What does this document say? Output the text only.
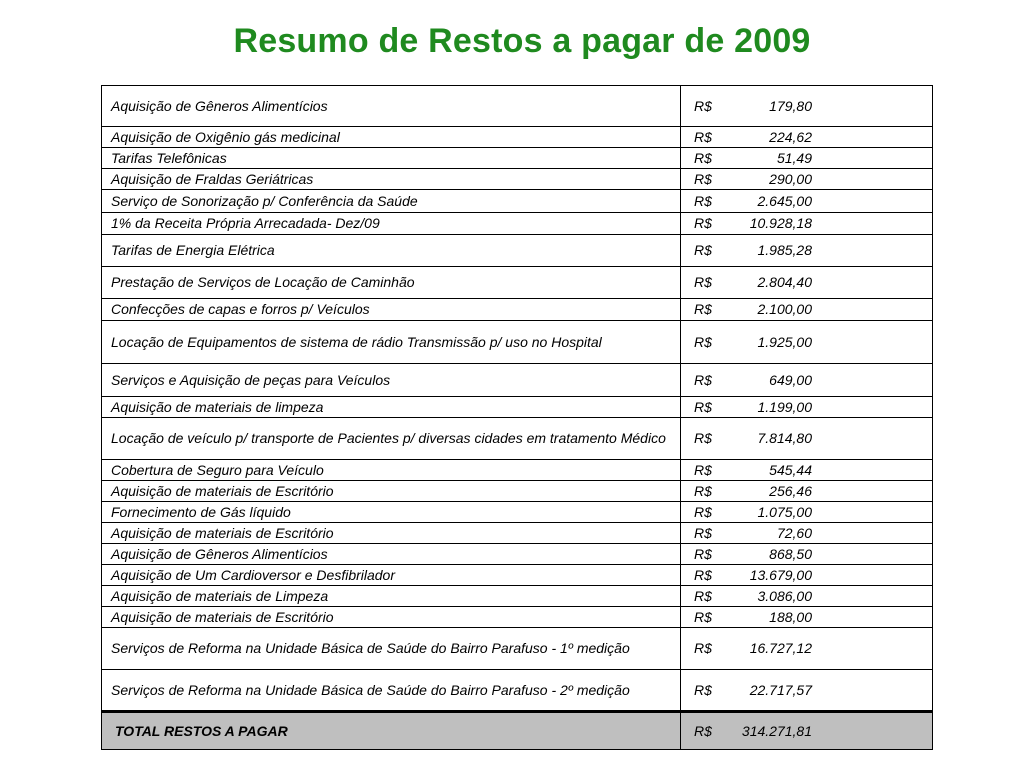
Resumo de Restos a pagar de 2009
Aquisição de Gêneros Alimentícios	R$ 179,80
Aquisição de Oxigênio gás medicinal	R$ 224,62
Tarifas Telefônicas	R$ 51,49
Aquisição de Fraldas Geriátricas	R$ 290,00
Serviço de Sonorização p/ Conferência da Saúde	R$ 2.645,00
1% da Receita Própria Arrecadada- Dez/09	R$ 10.928,18
Tarifas de Energia Elétrica	R$ 1.985,28
Prestação de Serviços de Locação de Caminhão	R$ 2.804,40
Confecções de capas e forros p/ Veículos	R$ 2.100,00
Locação de Equipamentos de sistema de rádio Transmissão p/ uso no Hospital	R$ 1.925,00
Serviços e Aquisição de peças para Veículos	R$ 649,00
Aquisição de materiais de limpeza	R$ 1.199,00
Locação de veículo p/ transporte de Pacientes p/ diversas cidades em tratamento Médico	R$ 7.814,80
Cobertura de Seguro para Veículo	R$ 545,44
Aquisição de materiais de Escritório	R$ 256,46
Fornecimento de Gás líquido	R$ 1.075,00
Aquisição de materiais de Escritório	R$ 72,60
Aquisição de Gêneros Alimentícios	R$ 868,50
Aquisição de Um Cardioversor e Desfibrilador	R$ 13.679,00
Aquisição de materiais de Limpeza	R$ 3.086,00
Aquisição de materiais de Escritório	R$ 188,00
Serviços de Reforma na Unidade Básica de Saúde do Bairro Parafuso - 1º medição	R$ 16.727,12
Serviços de Reforma na Unidade Básica de Saúde do Bairro Parafuso - 2º medição	R$ 22.717,57
TOTAL RESTOS A PAGAR	R$ 314.271,81
